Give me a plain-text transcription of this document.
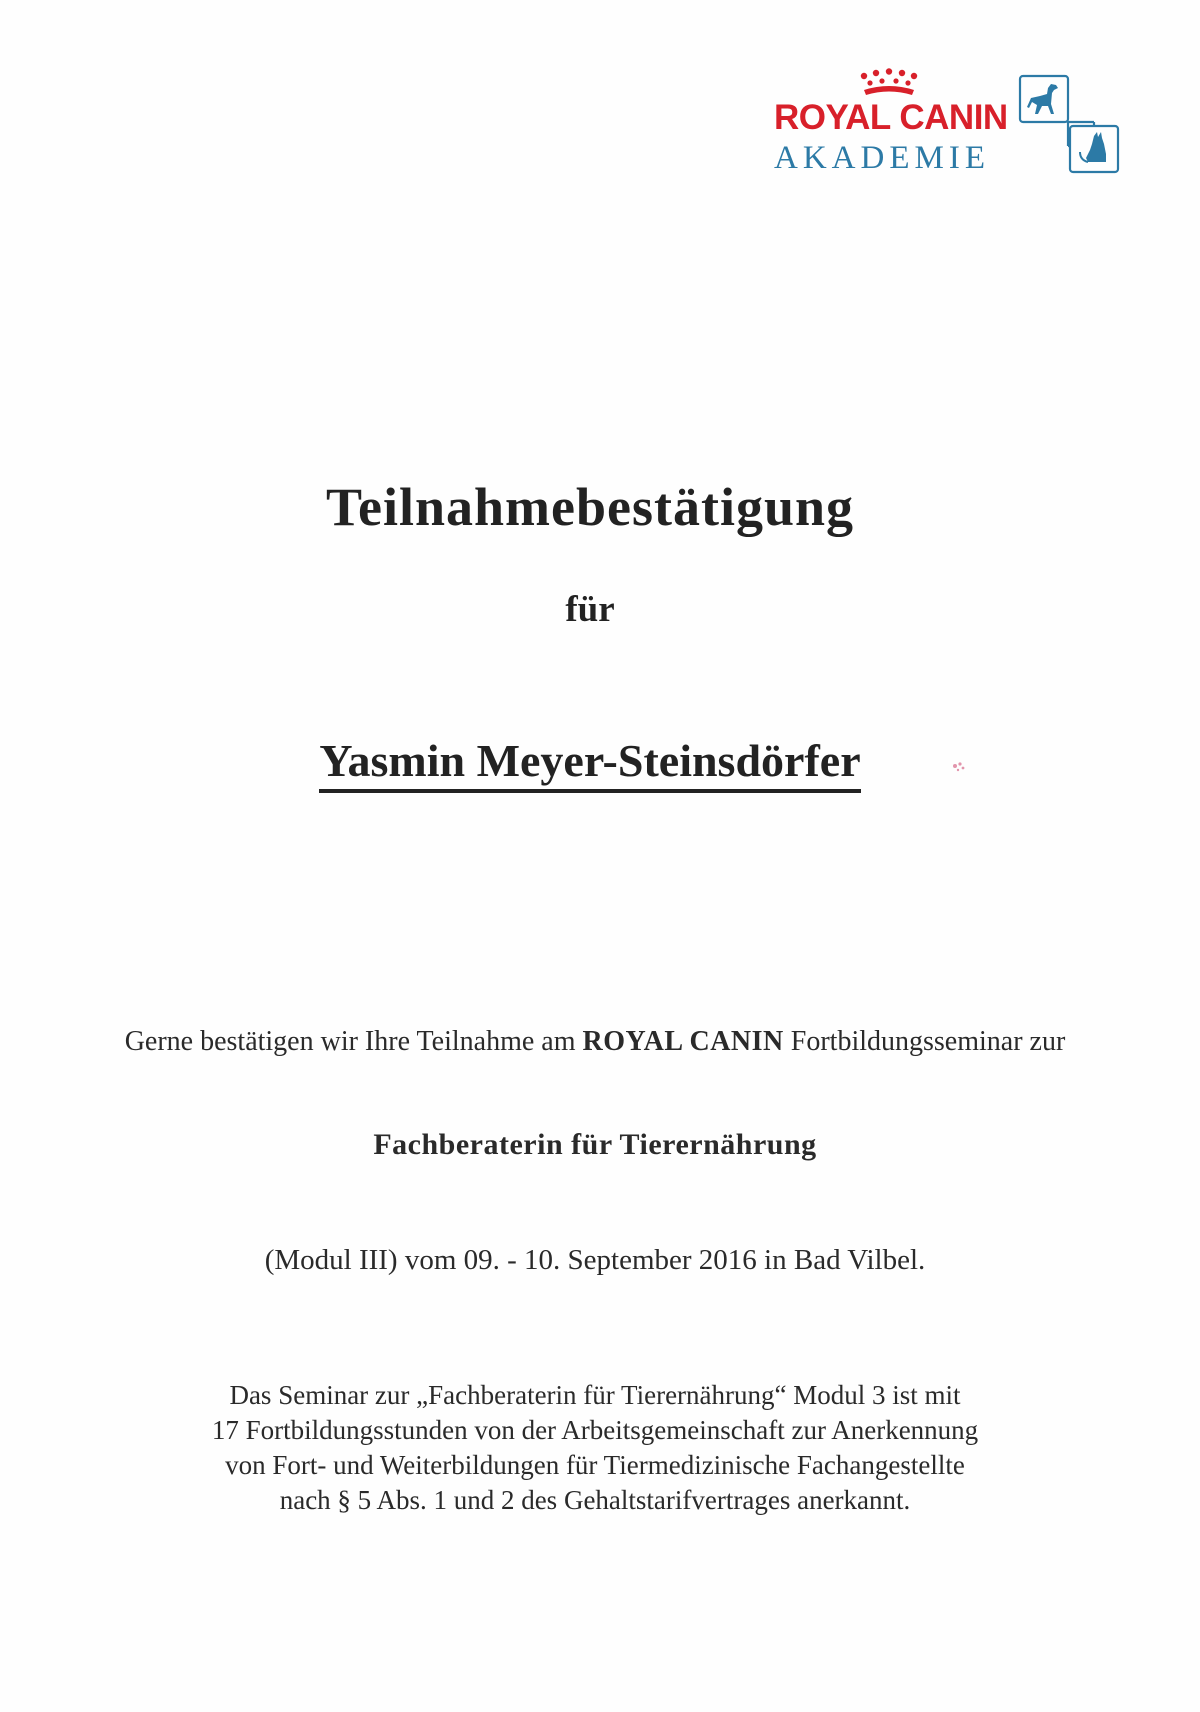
ROYAL CANIN
AKADEMIE
Teilnahmebestätigung
für
Yasmin Meyer-Steinsdörfer
Gerne bestätigen wir Ihre Teilnahme am ROYAL CANIN Fortbildungsseminar zur
Fachberaterin für Tierernährung
(Modul III) vom 09. - 10. September 2016 in Bad Vilbel.
Das Seminar zur „Fachberaterin für Tierernährung“ Modul 3 ist mit
17 Fortbildungsstunden von der Arbeitsgemeinschaft zur Anerkennung
von Fort- und Weiterbildungen für Tiermedizinische Fachangestellte
nach § 5 Abs. 1 und 2 des Gehaltstarifvertrages anerkannt.
